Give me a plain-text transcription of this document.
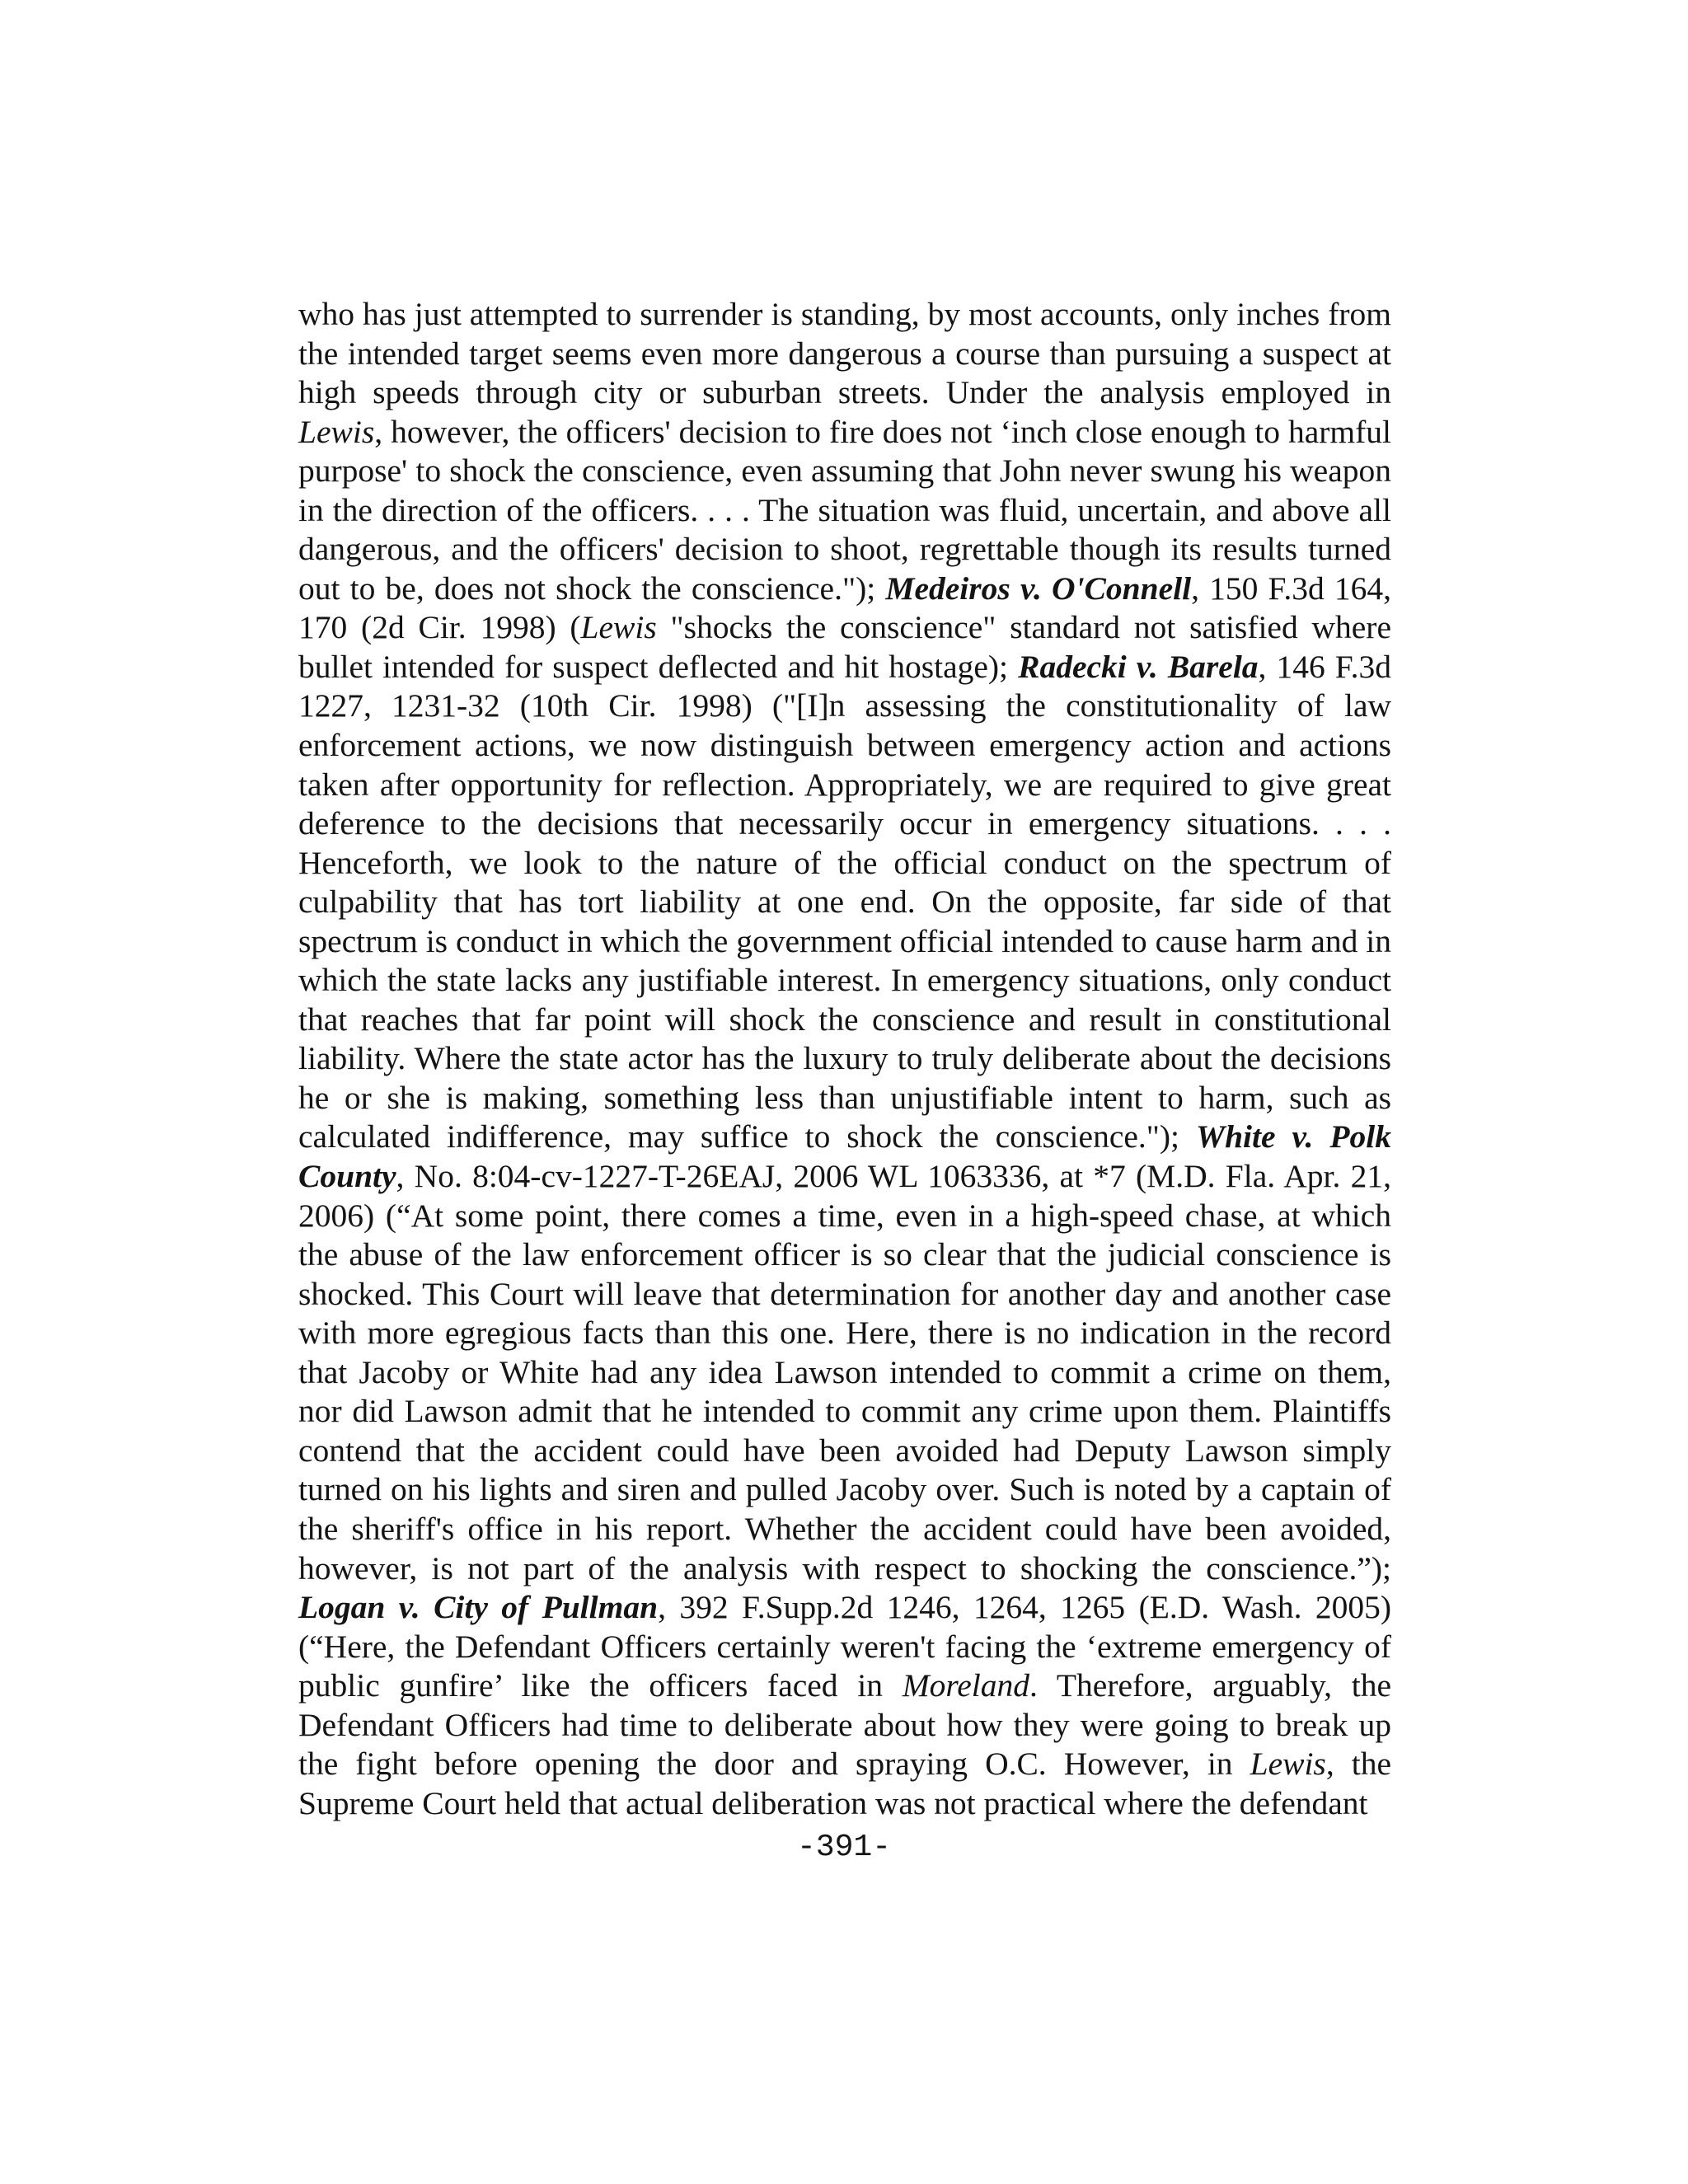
who has just attempted to surrender is standing, by most accounts, only inches from the intended target seems even more dangerous a course than pursuing a suspect at high speeds through city or suburban streets. Under the analysis employed in Lewis, however, the officers' decision to fire does not ‘inch close enough to harmful purpose' to shock the conscience, even assuming that John never swung his weapon in the direction of the officers. . . . The situation was fluid, uncertain, and above all dangerous, and the officers' decision to shoot, regrettable though its results turned out to be, does not shock the conscience."); Medeiros v. O'Connell, 150 F.3d 164, 170 (2d Cir. 1998) (Lewis "shocks the conscience" standard not satisfied where bullet intended for suspect deflected and hit hostage); Radecki v. Barela, 146 F.3d 1227, 1231-32 (10th Cir. 1998) ("[I]n assessing the constitutionality of law enforcement actions, we now distinguish between emergency action and actions taken after opportunity for reflection. Appropriately, we are required to give great deference to the decisions that necessarily occur in emergency situations. . . . Henceforth, we look to the nature of the official conduct on the spectrum of culpability that has tort liability at one end. On the opposite, far side of that spectrum is conduct in which the government official intended to cause harm and in which the state lacks any justifiable interest. In emergency situations, only conduct that reaches that far point will shock the conscience and result in constitutional liability. Where the state actor has the luxury to truly deliberate about the decisions he or she is making, something less than unjustifiable intent to harm, such as calculated indifference, may suffice to shock the conscience."); White v. Polk County, No. 8:04-cv-1227-T-26EAJ, 2006 WL 1063336, at *7 (M.D. Fla. Apr. 21, 2006) (“At some point, there comes a time, even in a high-speed chase, at which the abuse of the law enforcement officer is so clear that the judicial conscience is shocked. This Court will leave that determination for another day and another case with more egregious facts than this one. Here, there is no indication in the record that Jacoby or White had any idea Lawson intended to commit a crime on them, nor did Lawson admit that he intended to commit any crime upon them. Plaintiffs contend that the accident could have been avoided had Deputy Lawson simply turned on his lights and siren and pulled Jacoby over. Such is noted by a captain of the sheriff's office in his report. Whether the accident could have been avoided, however, is not part of the analysis with respect to shocking the conscience.”); Logan v. City of Pullman, 392 F.Supp.2d 1246, 1264, 1265 (E.D. Wash. 2005) (“Here, the Defendant Officers certainly weren't facing the ‘extreme emergency of public gunfire’ like the officers faced in Moreland. Therefore, arguably, the Defendant Officers had time to deliberate about how they were going to break up the fight before opening the door and spraying O.C. However, in Lewis, the Supreme Court held that actual deliberation was not practical where the defendant

-391-
